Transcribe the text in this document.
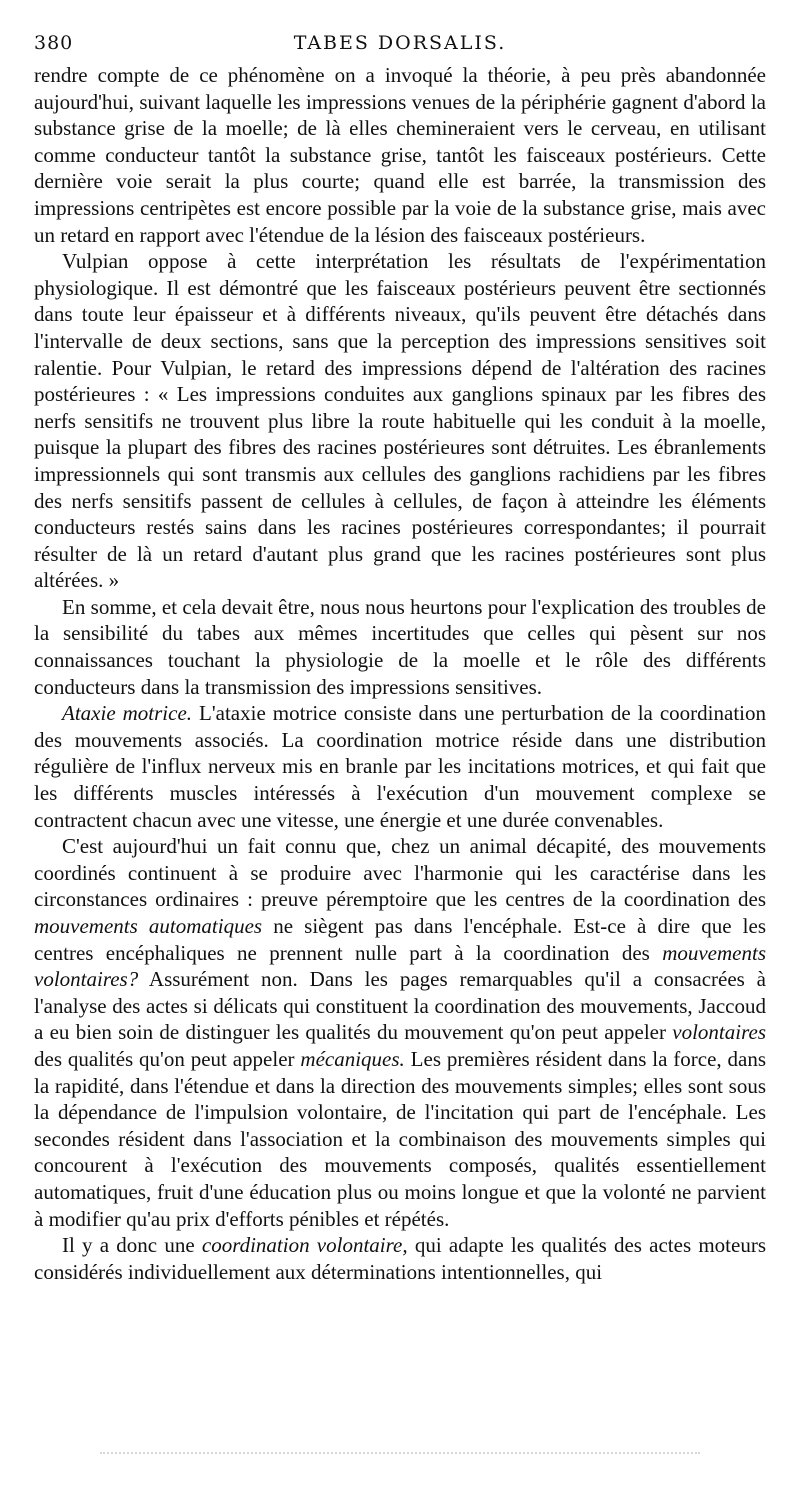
380	TABES DORSALIS.

rendre compte de ce phénomène on a invoqué la théorie, à peu près abandonnée aujourd'hui, suivant laquelle les impressions venues de la périphérie gagnent d'abord la substance grise de la moelle; de là elles chemineraient vers le cerveau, en utilisant comme conducteur tantôt la substance grise, tantôt les faisceaux postérieurs. Cette dernière voie serait la plus courte; quand elle est barrée, la transmission des impressions centripètes est encore possible par la voie de la substance grise, mais avec un retard en rapport avec l'étendue de la lésion des faisceaux postérieurs.

Vulpian oppose à cette interprétation les résultats de l'expérimentation physiologique. Il est démontré que les faisceaux postérieurs peuvent être sectionnés dans toute leur épaisseur et à différents niveaux, qu'ils peuvent être détachés dans l'intervalle de deux sections, sans que la perception des impressions sensitives soit ralentie. Pour Vulpian, le retard des impressions dépend de l'altération des racines postérieures : « Les impressions conduites aux ganglions spinaux par les fibres des nerfs sensitifs ne trouvent plus libre la route habituelle qui les conduit à la moelle, puisque la plupart des fibres des racines postérieures sont détruites. Les ébranlements impressionnels qui sont transmis aux cellules des ganglions rachidiens par les fibres des nerfs sensitifs passent de cellules à cellules, de façon à atteindre les éléments conducteurs restés sains dans les racines postérieures correspondantes; il pourrait résulter de là un retard d'autant plus grand que les racines postérieures sont plus altérées. »

En somme, et cela devait être, nous nous heurtons pour l'explication des troubles de la sensibilité du tabes aux mêmes incertitudes que celles qui pèsent sur nos connaissances touchant la physiologie de la moelle et le rôle des différents conducteurs dans la transmission des impressions sensitives.

Ataxie motrice. L'ataxie motrice consiste dans une perturbation de la coordination des mouvements associés. La coordination motrice réside dans une distribution régulière de l'influx nerveux mis en branle par les incitations motrices, et qui fait que les différents muscles intéressés à l'exécution d'un mouvement complexe se contractent chacun avec une vitesse, une énergie et une durée convenables.

C'est aujourd'hui un fait connu que, chez un animal décapité, des mouvements coordinés continuent à se produire avec l'harmonie qui les caractérise dans les circonstances ordinaires : preuve péremptoire que les centres de la coordination des mouvements automatiques ne siègent pas dans l'encéphale. Est-ce à dire que les centres encéphaliques ne prennent nulle part à la coordination des mouvements volontaires? Assurément non. Dans les pages remarquables qu'il a consacrées à l'analyse des actes si délicats qui constituent la coordination des mouvements, Jaccoud a eu bien soin de distinguer les qualités du mouvement qu'on peut appeler volontaires des qualités qu'on peut appeler mécaniques. Les premières résident dans la force, dans la rapidité, dans l'étendue et dans la direction des mouvements simples; elles sont sous la dépendance de l'impulsion volontaire, de l'incitation qui part de l'encéphale. Les secondes résident dans l'association et la combinaison des mouvements simples qui concourent à l'exécution des mouvements composés, qualités essentiellement automatiques, fruit d'une éducation plus ou moins longue et que la volonté ne parvient à modifier qu'au prix d'efforts pénibles et répétés.

Il y a donc une coordination volontaire, qui adapte les qualités des actes moteurs considérés individuellement aux déterminations intentionnelles, qui
